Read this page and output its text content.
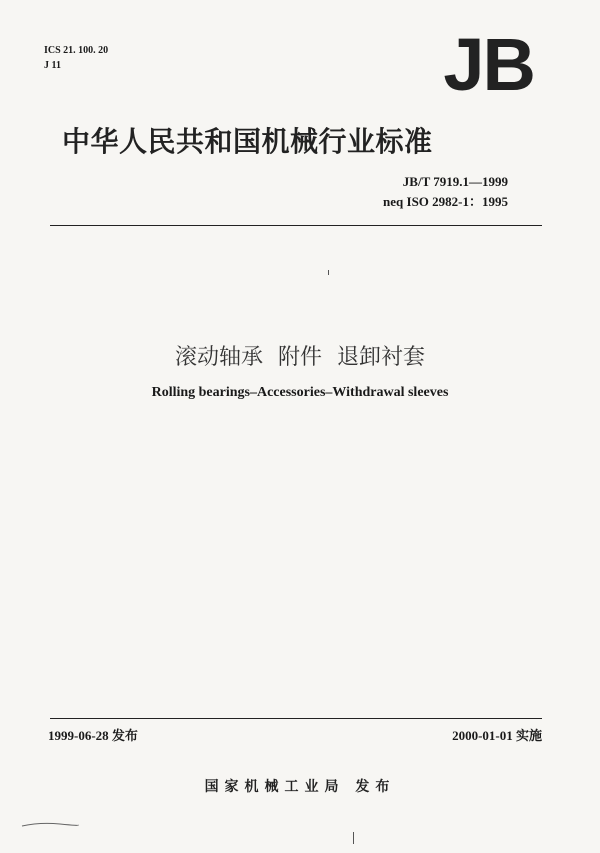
ICS 21. 100. 20
J 11	JB
中华人民共和国机械行业标准
JB/T 7919.1—1999
neq ISO 2982-1：1995
滚动轴承 附件 退卸衬套
Rolling bearings–Accessories–Withdrawal sleeves
1999-06-28 发布	2000-01-01 实施
国家机械工业局 发布
